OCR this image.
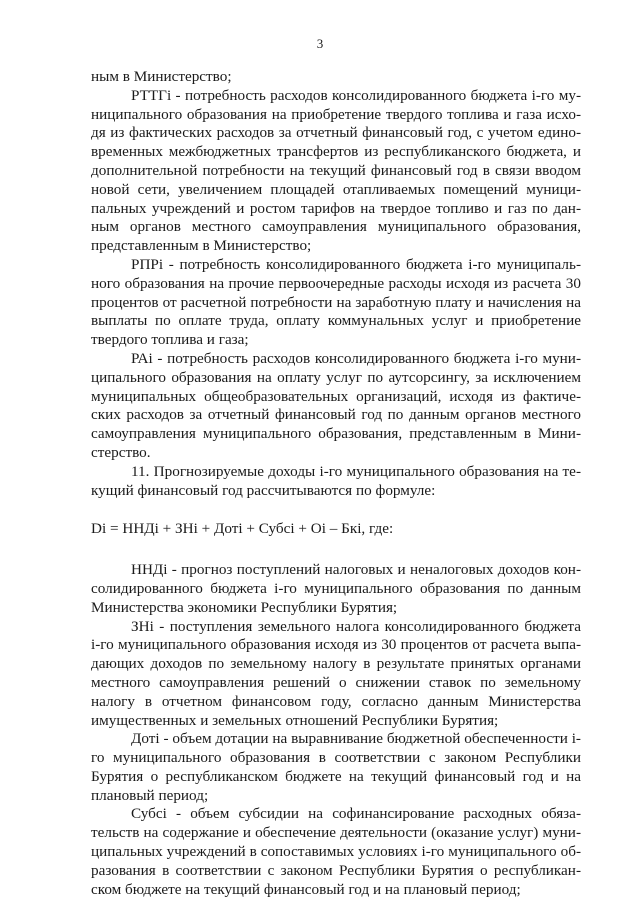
3

ным в Министерство;

РТТГi - потребность расходов консолидированного бюджета i-го муниципального образования на приобретение твердого топлива и газа исходя из фактических расходов за отчетный финансовый год, с учетом единовременных межбюджетных трансфертов из республиканского бюджета, и дополнительной потребности на текущий финансовый год в связи вводом новой сети, увеличением площадей отапливаемых помещений муниципальных учреждений и ростом тарифов на твердое топливо и газ по данным органов местного самоуправления муниципального образования, представленным в Министерство;

РПРi - потребность консолидированного бюджета i-го муниципального образования на прочие первоочередные расходы исходя из расчета 30 процентов от расчетной потребности на заработную плату и начисления на выплаты по оплате труда, оплату коммунальных услуг и приобретение твердого топлива и газа;

РАi - потребность расходов консолидированного бюджета i-го муниципального образования на оплату услуг по аутсорсингу, за исключением муниципальных общеобразовательных организаций, исходя из фактических расходов за отчетный финансовый год по данным органов местного самоуправления муниципального образования, представленным в Министерство.

11. Прогнозируемые доходы i-го муниципального образования на текущий финансовый год рассчитываются по формуле:

Di = ННДi + ЗНi + Дотi + Субсi + Oi – Бкi, где:

ННДi - прогноз поступлений налоговых и неналоговых доходов консолидированного бюджета i-го муниципального образования по данным Министерства экономики Республики Бурятия;

ЗНi - поступления земельного налога консолидированного бюджета i-го муниципального образования исходя из 30 процентов от расчета выпадающих доходов по земельному налогу в результате принятых органами местного самоуправления решений о снижении ставок по земельному налогу в отчетном финансовом году, согласно данным Министерства имущественных и земельных отношений Республики Бурятия;

Дотi - объем дотации на выравнивание бюджетной обеспеченности i-го муниципального образования в соответствии с законом Республики Бурятия о республиканском бюджете на текущий финансовый год и на плановый период;

Субсi - объем субсидии на софинансирование расходных обязательств на содержание и обеспечение деятельности (оказание услуг) муниципальных учреждений в сопоставимых условиях i-го муниципального образования в соответствии с законом Республики Бурятия о республиканском бюджете на текущий финансовый год и на плановый период;
